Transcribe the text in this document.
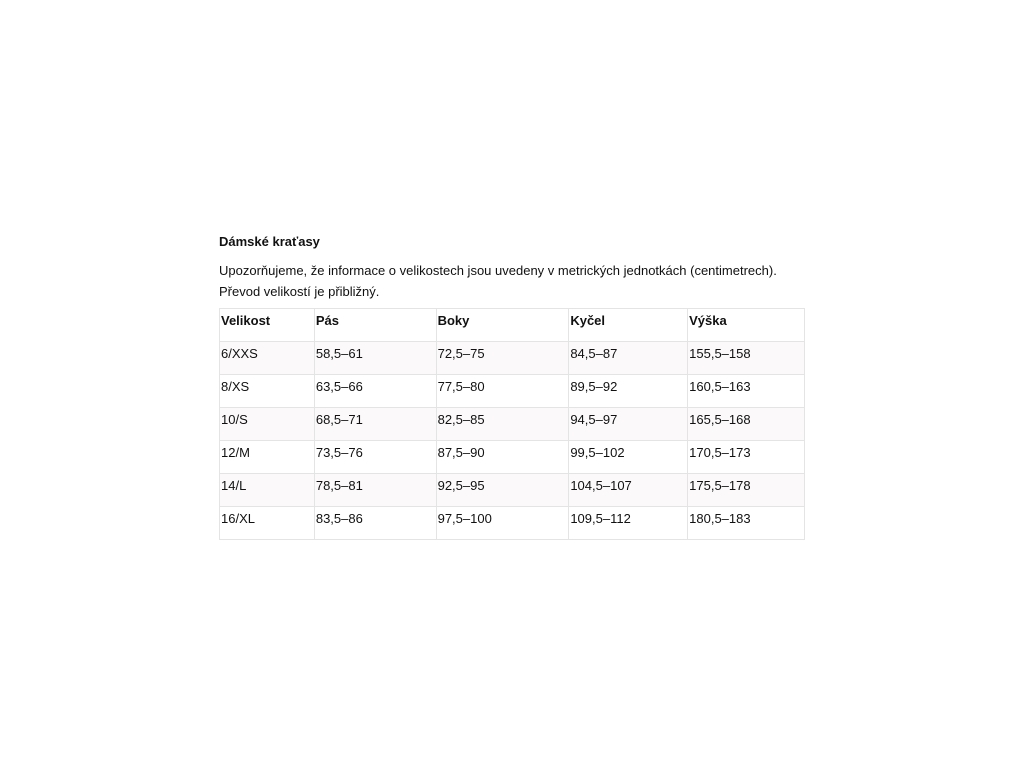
Dámské kraťasy
Upozorňujeme, že informace o velikostech jsou uvedeny v metrických jednotkách (centimetrech).
Převod velikostí je přibližný.
Velikost	Pás	Boky	Kyčel	Výška
6/XXS	58,5–61	72,5–75	84,5–87	155,5–158
8/XS	63,5–66	77,5–80	89,5–92	160,5–163
10/S	68,5–71	82,5–85	94,5–97	165,5–168
12/M	73,5–76	87,5–90	99,5–102	170,5–173
14/L	78,5–81	92,5–95	104,5–107	175,5–178
16/XL	83,5–86	97,5–100	109,5–112	180,5–183
